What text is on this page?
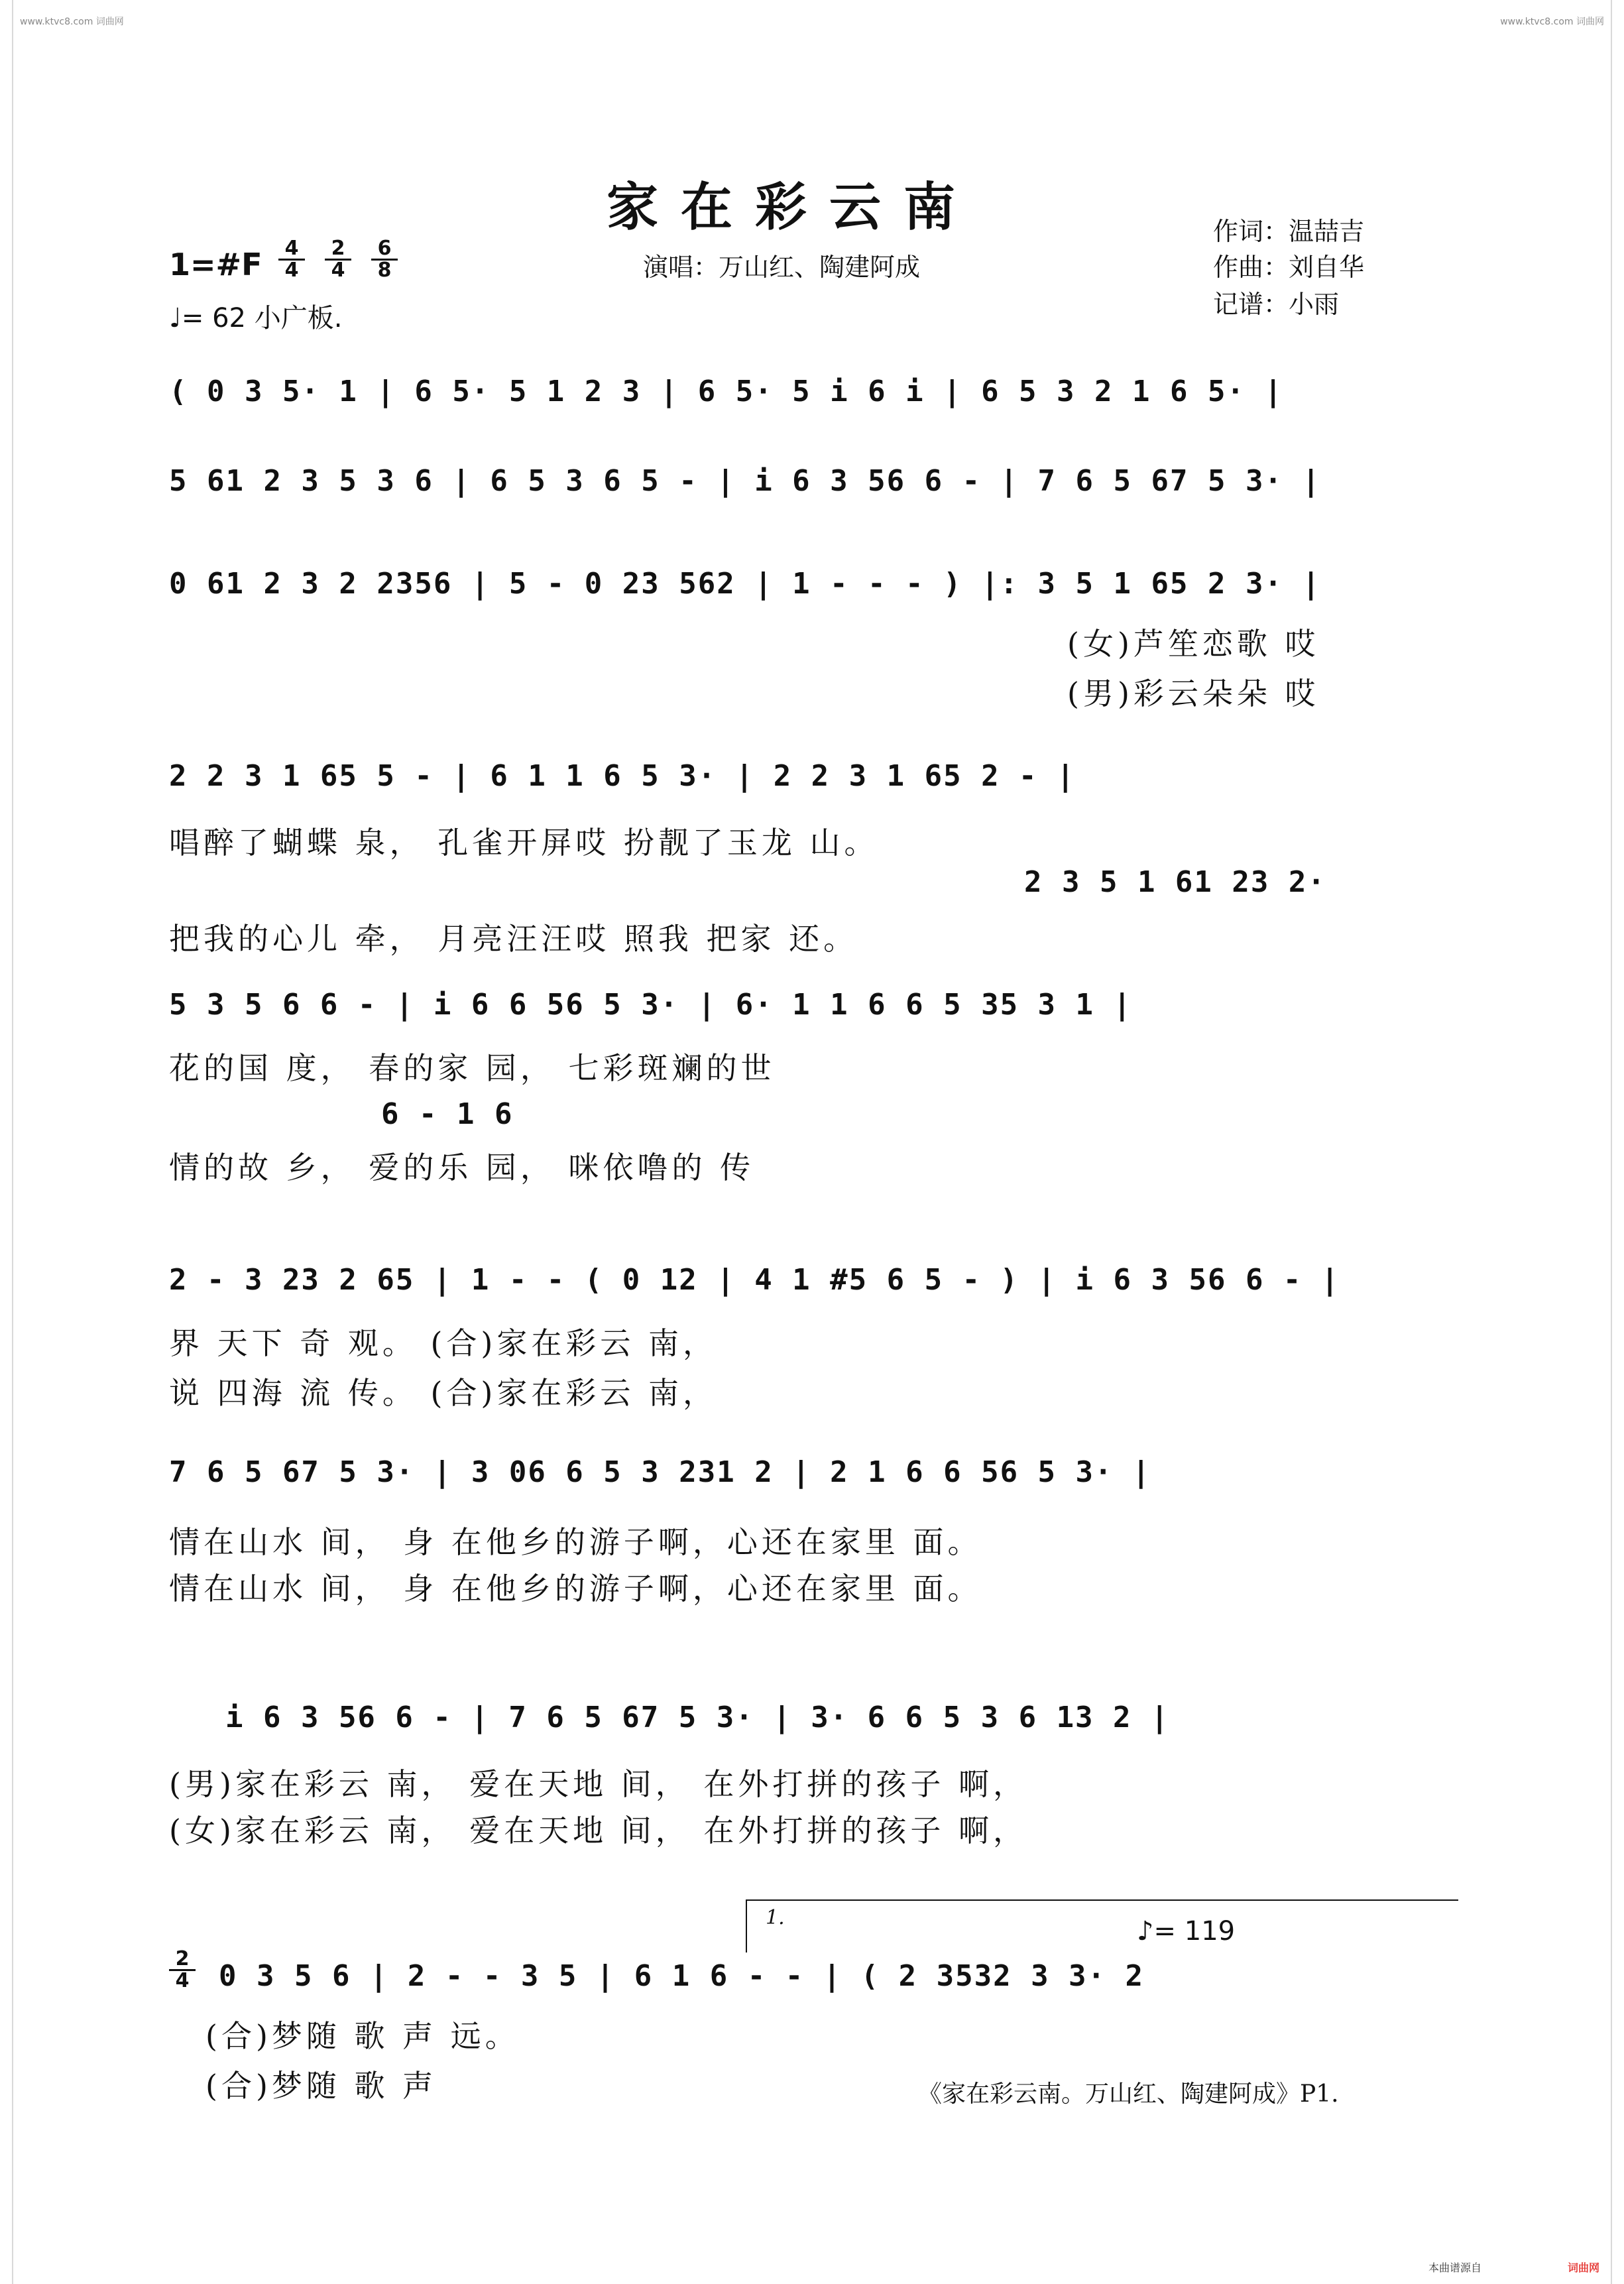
www.ktvc8.com 词曲网	www.ktvc8.com 词曲网
家在彩云南
演唱：万山红、陶建阿成
作词：温喆吉
作曲：刘自华
记谱：小雨
1=#F	4
4
2
4
6
8
♩= 62 小广板.
( 0 3 5· 1 | 6 5· 5 1 2 3 | 6 5· 5 i 6 i | 6 5 3 2 1 6 5· |
5 61 2 3 5 3 6 | 6 5 3 6 5 - | i 6 3 56 6 - | 7 6 5 67 5 3· |
0 61 2 3 2 2356 | 5 - 0 23 562 | 1 - - - ) |: 3 5 1 65 2 3· |
(女)芦笙恋歌 哎
(男)彩云朵朵 哎
2 2 3 1 65 5 - | 6 1 1 6 5 3· | 2 2 3 1 65 2 - |
唱醉了蝴蝶 泉， 孔雀开屏哎 扮靓了玉龙 山。
2 3 5 1 61 23 2·
把我的心儿 牵， 月亮汪汪哎 照我 把家 还。
5 3 5 6 6 - | i 6 6 56 5 3· | 6· 1 1 6 6 5 35 3 1 |
花的国 度， 春的家 园， 七彩斑斓的世
6 - 1 6
情的故 乡， 爱的乐 园， 咪依噜的 传
2 - 3 23 2 65 | 1 - - ( 0 12 | 4 1 #5 6 5 - ) | i 6 3 56 6 - |
界 天下 奇 观。 (合)家在彩云 南，
说 四海 流 传。 (合)家在彩云 南，
7 6 5 67 5 3· | 3 06 6 5 3 231 2 | 2 1 6 6 56 5 3· |
情在山水 间， 身 在他乡的游子啊，心还在家里 面。
情在山水 间， 身 在他乡的游子啊，心还在家里 面。
i 6 3 56 6 - | 7 6 5 67 5 3· | 3· 6 6 5 3 6 13 2 |
(男)家在彩云 南， 爱在天地 间， 在外打拼的孩子 啊，
(女)家在彩云 南， 爱在天地 间， 在外打拼的孩子 啊，
1.	♪= 119
0 3 5 6 | 2 - - 3 5 | 6 1 6 - - | ( 2 3532 3 3· 2
2
4
(合)梦随 歌 声 远。
(合)梦随 歌 声	《家在彩云南。万山红、陶建阿成》P1.
本曲谱源自	词曲网
